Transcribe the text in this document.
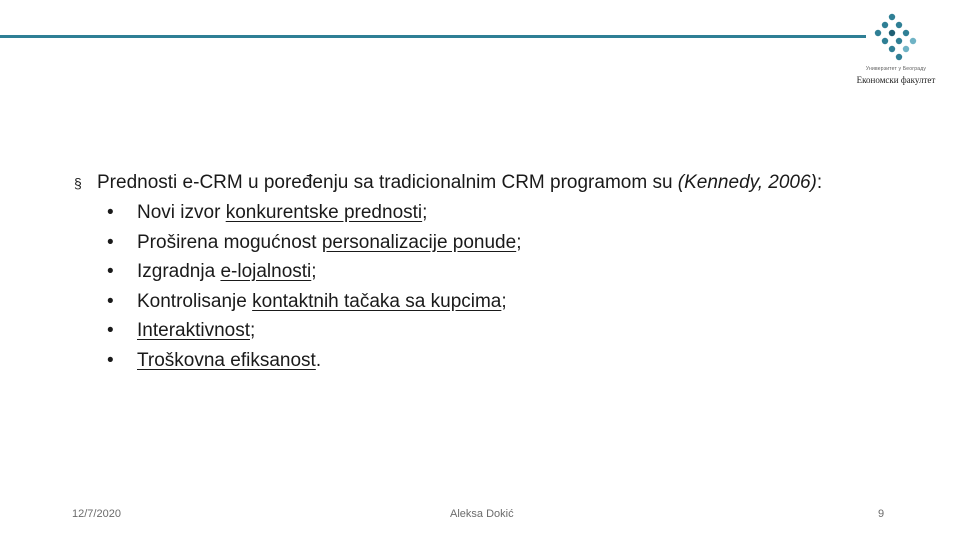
Универзитет у Београду
Економски факултет
§ Prednosti e-CRM u poređenju sa tradicionalnim CRM programom su (Kennedy, 2006):
• Novi izvor konkurentske prednosti;
• Proširena mogućnost personalizacije ponude;
• Izgradnja e-lojalnosti;
• Kontrolisanje kontaktnih tačaka sa kupcima;
• Interaktivnost;
• Troškovna efiksanost.
12/7/2020	Aleksa Dokić	9
